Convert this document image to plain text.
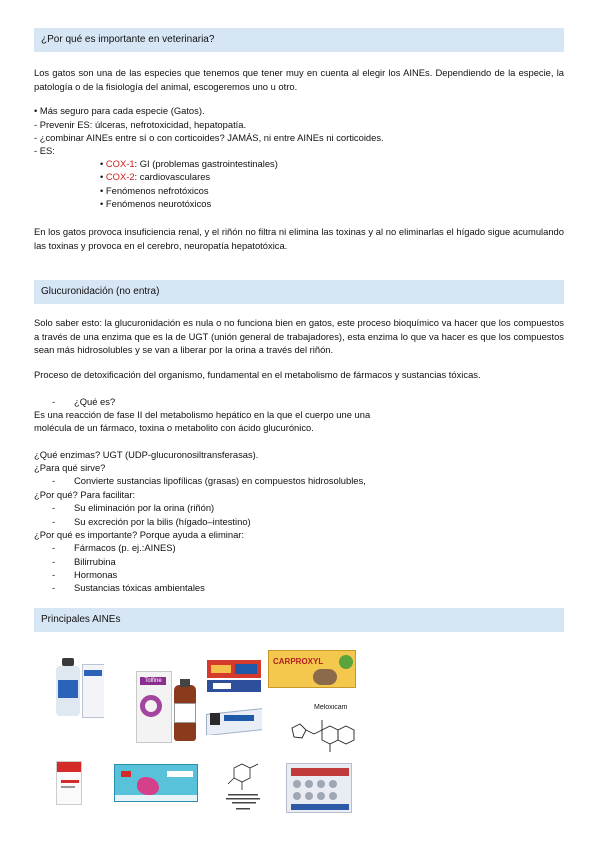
¿Por qué es importante en veterinaria?

Los gatos son una de las especies que tenemos que tener muy en cuenta al elegir los AINEs. Dependiendo de la especie, la patología o de la fisiología del animal, escogeremos uno u otro.

• Más seguro para cada especie (Gatos).
- Prevenir ES: úlceras, nefrotoxicidad, hepatopatía.
- ¿combinar AINEs entre sí o con corticoides? JAMÁS, ni entre AINEs ni corticoides.
- ES:
• COX-1: GI (problemas gastrointestinales)
• COX-2: cardiovasculares
• Fenómenos nefrotóxicos
• Fenómenos neurotóxicos

En los gatos provoca insuficiencia renal, y el riñón no filtra ni elimina las toxinas y al no eliminarlas el hígado sigue acumulando las toxinas y provoca en el cerebro, neuropatía hepatotóxica.

Glucuronidación (no entra)

Solo saber esto: la glucuronidación es nula o no funciona bien en gatos, este proceso bioquímico va hacer que los compuestos a través de una enzima que es la de UGT (unión general de trabajadores), esta enzima lo que va hacer es que los compuestos sean más hidrosolubles y se van a liberar por la orina a través del riñón.

Proceso de detoxificación del organismo, fundamental en el metabolismo de fármacos y sustancias tóxicas.
- ¿Qué es?
Es una reacción de fase II del metabolismo hepático en la que el cuerpo une una
molécula de un fármaco, toxina o metabolito con ácido glucurónico.
¿Qué enzimas? UGT (UDP-glucuronosiltransferasas).
¿Para qué sirve?
- Convierte sustancias lipofílicas (grasas) en compuestos hidrosolubles,
¿Por qué? Para facilitar:
- Su eliminación por la orina (riñón)
- Su excreción por la bilis (hígado–intestino)
¿Por qué es importante? Porque ayuda a eliminar:
- Fármacos (p. ej.:AINES)
- Bilirrubina
- Hormonas
- Sustancias tóxicas ambientales
Principales AINEs
Tolfine
CARPROXYL
Meloxicam
